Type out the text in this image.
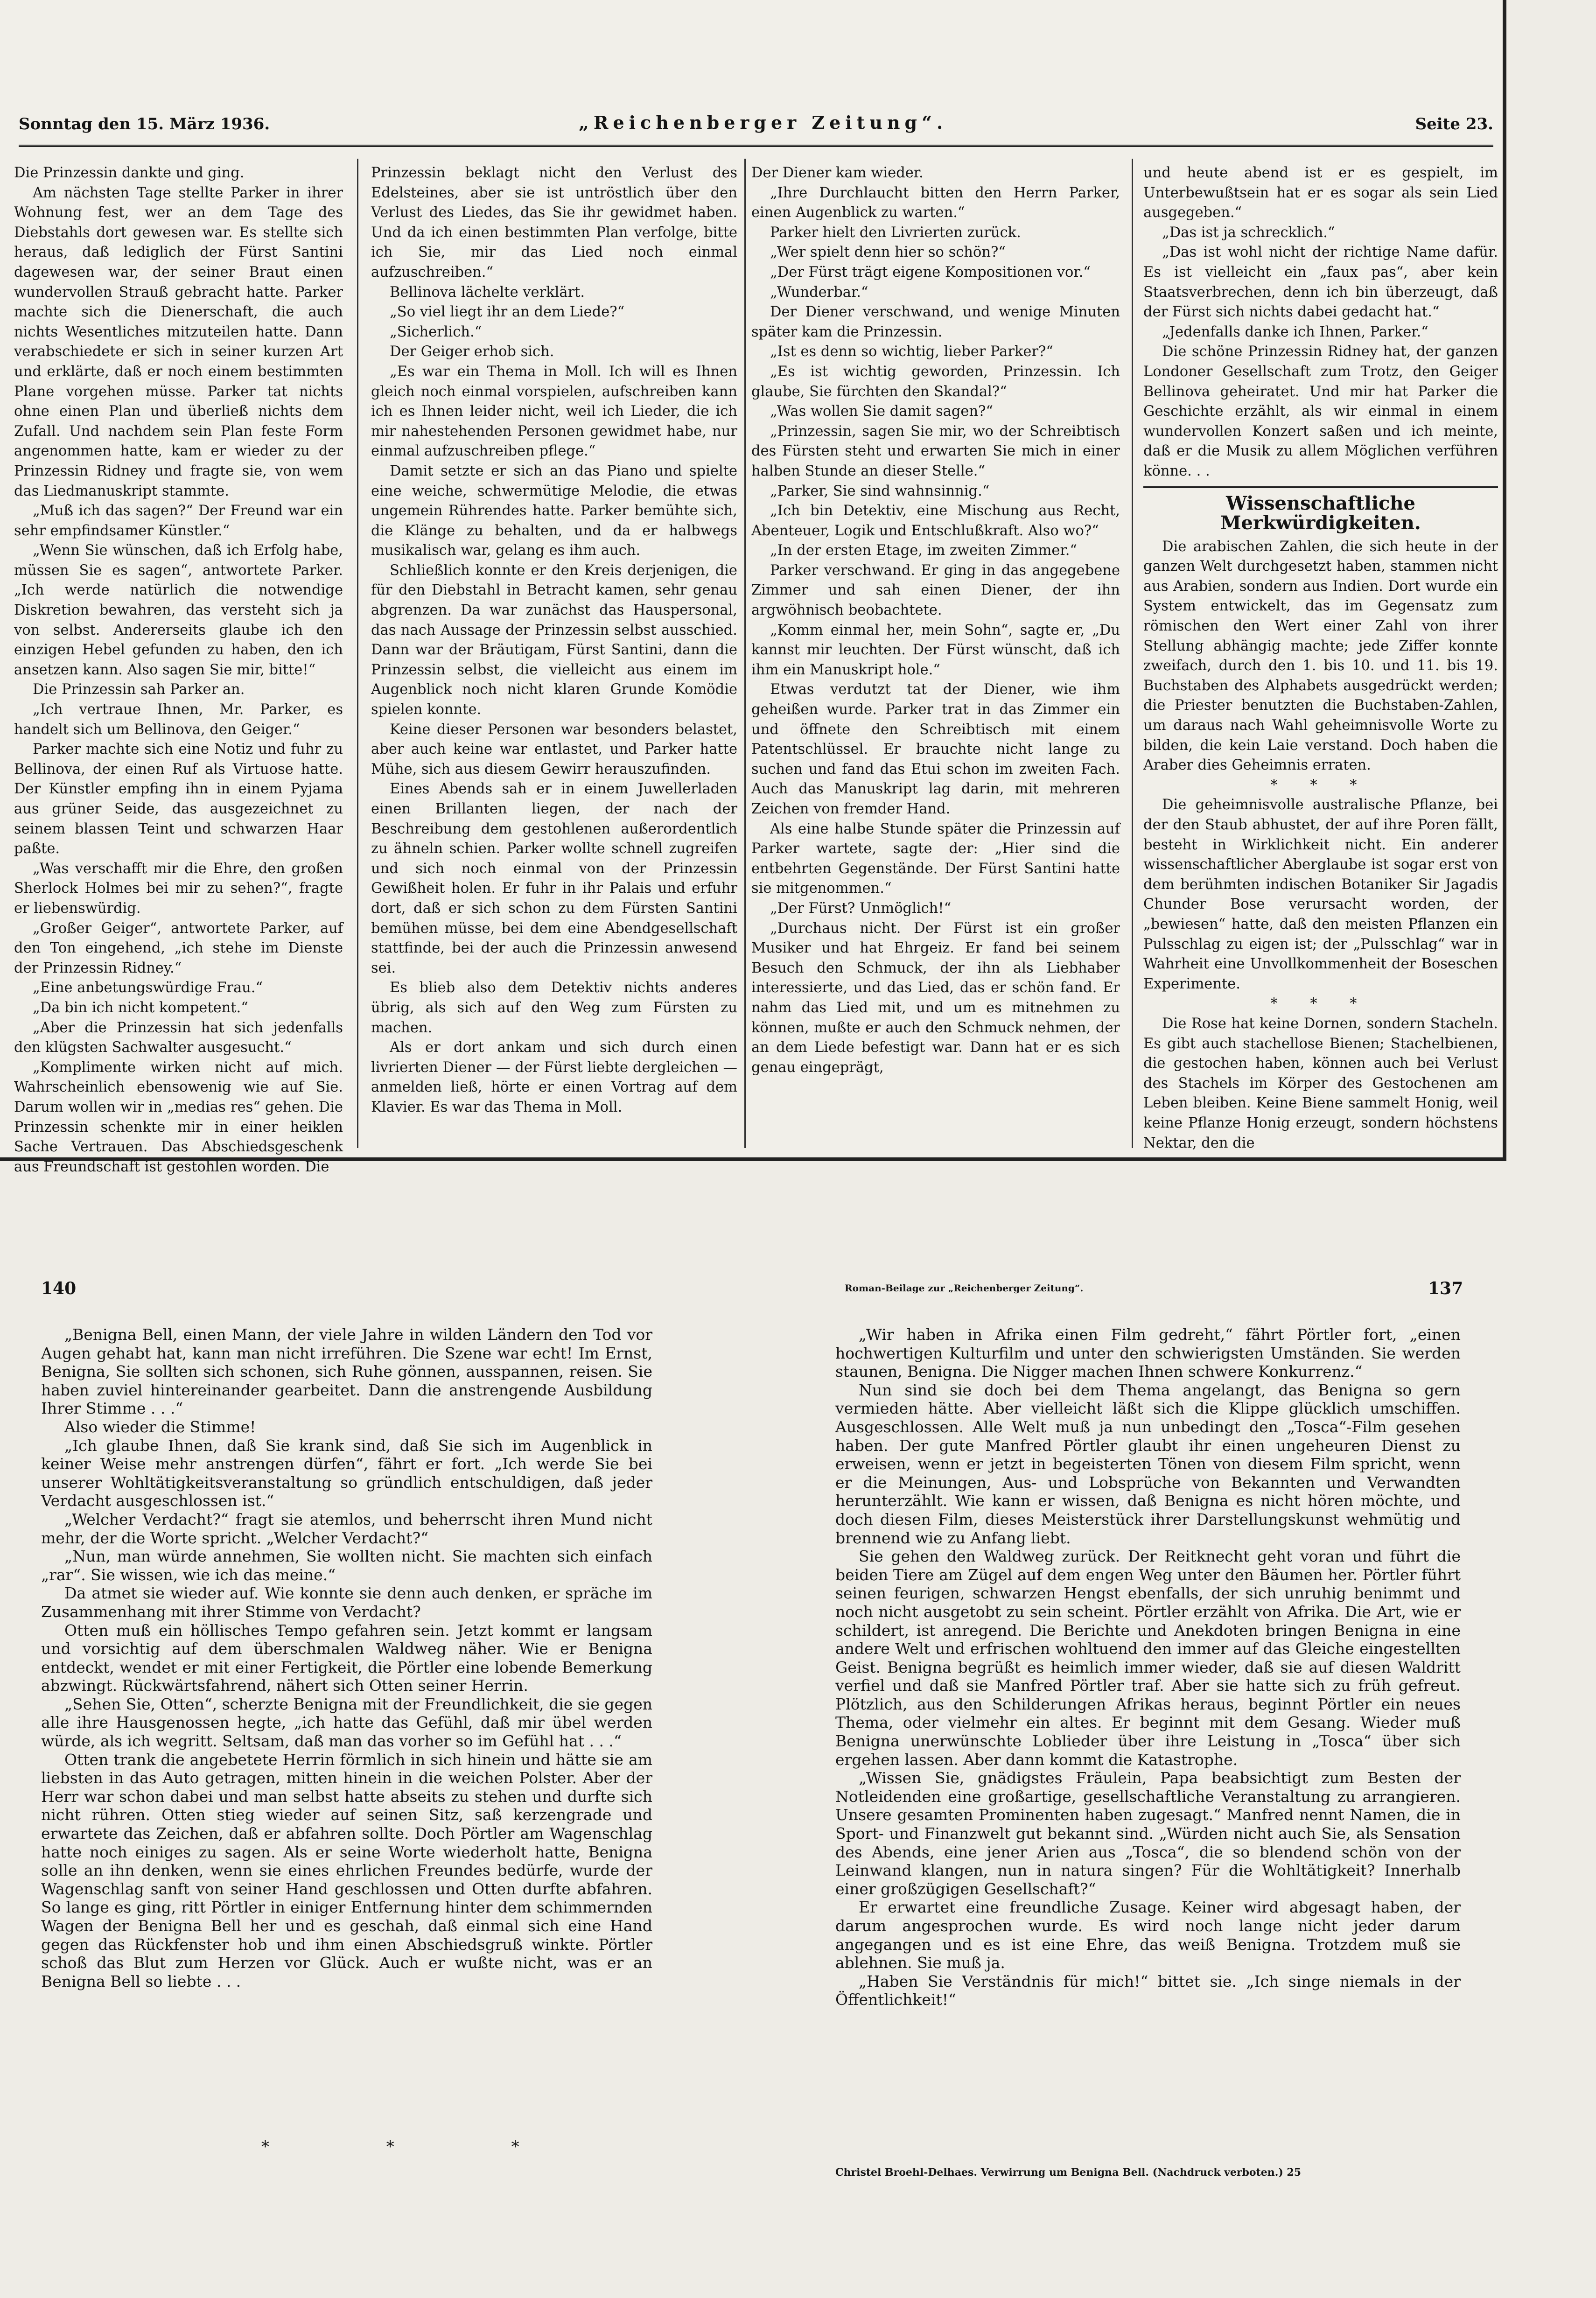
Sonntag den 15. März 1936.	„Reichenberger Zeitung“.	Seite 23.

Die Prinzessin dankte und ging.

Am nächsten Tage stellte Parker in ihrer Wohnung fest, wer an dem Tage des Diebstahls dort gewesen war. Es stellte sich heraus, daß lediglich der Fürst Santini dagewesen war, der seiner Braut einen wundervollen Strauß gebracht hatte. Parker machte sich die Dienerschaft, die auch nichts Wesentliches mitzuteilen hatte. Dann verabschiedete er sich in seiner kurzen Art und erklärte, daß er noch einem bestimmten Plane vorgehen müsse. Parker tat nichts ohne einen Plan und überließ nichts dem Zufall. Und nachdem sein Plan feste Form angenommen hatte, kam er wieder zu der Prinzessin Ridney und fragte sie, von wem das Liedmanuskript stammte.

„Muß ich das sagen?“ Der Freund war ein sehr empfindsamer Künstler.“

„Wenn Sie wünschen, daß ich Erfolg habe, müssen Sie es sagen“, antwortete Parker. „Ich werde natürlich die notwendige Diskretion bewahren, das versteht sich ja von selbst. Andererseits glaube ich den einzigen Hebel gefunden zu haben, den ich ansetzen kann. Also sagen Sie mir, bitte!“

Die Prinzessin sah Parker an.

„Ich vertraue Ihnen, Mr. Parker, es handelt sich um Bellinova, den Geiger.“

Parker machte sich eine Notiz und fuhr zu Bellinova, der einen Ruf als Virtuose hatte. Der Künstler empfing ihn in einem Pyjama aus grüner Seide, das ausgezeichnet zu seinem blassen Teint und schwarzen Haar paßte.

„Was verschafft mir die Ehre, den großen Sherlock Holmes bei mir zu sehen?“, fragte er liebenswürdig.

„Großer Geiger“, antwortete Parker, auf den Ton eingehend, „ich stehe im Dienste der Prinzessin Ridney.“

„Eine anbetungswürdige Frau.“

„Da bin ich nicht kompetent.“

„Aber die Prinzessin hat sich jedenfalls den klügsten Sachwalter ausgesucht.“

„Komplimente wirken nicht auf mich. Wahrscheinlich ebensowenig wie auf Sie. Darum wollen wir in „medias res“ gehen. Die Prinzessin schenkte mir in einer heiklen Sache Vertrauen. Das Abschiedsgeschenk aus Freundschaft ist gestohlen worden. Die

Prinzessin beklagt nicht den Verlust des Edelsteines, aber sie ist untröstlich über den Verlust des Liedes, das Sie ihr gewidmet haben. Und da ich einen bestimmten Plan verfolge, bitte ich Sie, mir das Lied noch einmal aufzuschreiben.“

Bellinova lächelte verklärt.

„So viel liegt ihr an dem Liede?“

„Sicherlich.“

Der Geiger erhob sich.

„Es war ein Thema in Moll. Ich will es Ihnen gleich noch einmal vorspielen, aufschreiben kann ich es Ihnen leider nicht, weil ich Lieder, die ich mir nahestehenden Personen gewidmet habe, nur einmal aufzuschreiben pflege.“

Damit setzte er sich an das Piano und spielte eine weiche, schwermütige Melodie, die etwas ungemein Rührendes hatte. Parker bemühte sich, die Klänge zu behalten, und da er halbwegs musikalisch war, gelang es ihm auch.

Schließlich konnte er den Kreis derjenigen, die für den Diebstahl in Betracht kamen, sehr genau abgrenzen. Da war zunächst das Hauspersonal, das nach Aussage der Prinzessin selbst ausschied. Dann war der Bräutigam, Fürst Santini, dann die Prinzessin selbst, die vielleicht aus einem im Augenblick noch nicht klaren Grunde Komödie spielen konnte.

Keine dieser Personen war besonders belastet, aber auch keine war entlastet, und Parker hatte Mühe, sich aus diesem Gewirr herauszufinden.

Eines Abends sah er in einem Juwellerladen einen Brillanten liegen, der nach der Beschreibung dem gestohlenen außerordentlich zu ähneln schien. Parker wollte schnell zugreifen und sich noch einmal von der Prinzessin Gewißheit holen. Er fuhr in ihr Palais und erfuhr dort, daß er sich schon zu dem Fürsten Santini bemühen müsse, bei dem eine Abendgesellschaft stattfinde, bei der auch die Prinzessin anwesend sei.

Es blieb also dem Detektiv nichts anderes übrig, als sich auf den Weg zum Fürsten zu machen.

Als er dort ankam und sich durch einen livrierten Diener — der Fürst liebte dergleichen — anmelden ließ, hörte er einen Vortrag auf dem Klavier. Es war das Thema in Moll.

Der Diener kam wieder.

„Ihre Durchlaucht bitten den Herrn Parker, einen Augenblick zu warten.“

Parker hielt den Livrierten zurück.

„Wer spielt denn hier so schön?“

„Der Fürst trägt eigene Kompositionen vor.“

„Wunderbar.“

Der Diener verschwand, und wenige Minuten später kam die Prinzessin.

„Ist es denn so wichtig, lieber Parker?“

„Es ist wichtig geworden, Prinzessin. Ich glaube, Sie fürchten den Skandal?“

„Was wollen Sie damit sagen?“

„Prinzessin, sagen Sie mir, wo der Schreibtisch des Fürsten steht und erwarten Sie mich in einer halben Stunde an dieser Stelle.“

„Parker, Sie sind wahnsinnig.“

„Ich bin Detektiv, eine Mischung aus Recht, Abenteuer, Logik und Entschlußkraft. Also wo?“

„In der ersten Etage, im zweiten Zimmer.“

Parker verschwand. Er ging in das angegebene Zimmer und sah einen Diener, der ihn argwöhnisch beobachtete.

„Komm einmal her, mein Sohn“, sagte er, „Du kannst mir leuchten. Der Fürst wünscht, daß ich ihm ein Manuskript hole.“

Etwas verdutzt tat der Diener, wie ihm geheißen wurde. Parker trat in das Zimmer ein und öffnete den Schreibtisch mit einem Patentschlüssel. Er brauchte nicht lange zu suchen und fand das Etui schon im zweiten Fach. Auch das Manuskript lag darin, mit mehreren Zeichen von fremder Hand.

Als eine halbe Stunde später die Prinzessin auf Parker wartete, sagte der: „Hier sind die entbehrten Gegenstände. Der Fürst Santini hatte sie mitgenommen.“

„Der Fürst? Unmöglich!“

„Durchaus nicht. Der Fürst ist ein großer Musiker und hat Ehrgeiz. Er fand bei seinem Besuch den Schmuck, der ihn als Liebhaber interessierte, und das Lied, das er schön fand. Er nahm das Lied mit, und um es mitnehmen zu können, mußte er auch den Schmuck nehmen, der an dem Liede befestigt war. Dann hat er es sich genau eingeprägt,

und heute abend ist er es gespielt, im Unterbewußtsein hat er es sogar als sein Lied ausgegeben.“

„Das ist ja schrecklich.“

„Das ist wohl nicht der richtige Name dafür. Es ist vielleicht ein „faux pas“, aber kein Staatsverbrechen, denn ich bin überzeugt, daß der Fürst sich nichts dabei gedacht hat.“

„Jedenfalls danke ich Ihnen, Parker.“

Die schöne Prinzessin Ridney hat, der ganzen Londoner Gesellschaft zum Trotz, den Geiger Bellinova geheiratet. Und mir hat Parker die Geschichte erzählt, als wir einmal in einem wundervollen Konzert saßen und ich meinte, daß er die Musik zu allem Möglichen verführen könne. . .

Wissenschaftliche Merkwürdigkeiten.

Die arabischen Zahlen, die sich heute in der ganzen Welt durchgesetzt haben, stammen nicht aus Arabien, sondern aus Indien. Dort wurde ein System entwickelt, das im Gegensatz zum römischen den Wert einer Zahl von ihrer Stellung abhängig machte; jede Ziffer konnte zweifach, durch den 1. bis 10. und 11. bis 19. Buchstaben des Alphabets ausgedrückt werden; die Priester benutzten die Buchstaben-Zahlen, um daraus nach Wahl geheimnisvolle Worte zu bilden, die kein Laie verstand. Doch haben die Araber dies Geheimnis erraten.

* * *

Die geheimnisvolle australische Pflanze, bei der den Staub abhustet, der auf ihre Poren fällt, besteht in Wirklichkeit nicht. Ein anderer wissenschaftlicher Aberglaube ist sogar erst von dem berühmten indischen Botaniker Sir Jagadis Chunder Bose verursacht worden, der „bewiesen“ hatte, daß den meisten Pflanzen ein Pulsschlag zu eigen ist; der „Pulsschlag“ war in Wahrheit eine Unvollkommenheit der Boseschen Experimente.

* * *

Die Rose hat keine Dornen, sondern Stacheln. Es gibt auch stachellose Bienen; Stachelbienen, die gestochen haben, können auch bei Verlust des Stachels im Körper des Gestochenen am Leben bleiben. Keine Biene sammelt Honig, weil keine Pflanze Honig erzeugt, sondern höchstens Nektar, den die

140	Roman-Beilage zur „Reichenberger Zeitung“.	137

„Benigna Bell, einen Mann, der viele Jahre in wilden Ländern den Tod vor Augen gehabt hat, kann man nicht irreführen. Die Szene war echt! Im Ernst, Benigna, Sie sollten sich schonen, sich Ruhe gönnen, ausspannen, reisen. Sie haben zuviel hintereinander gearbeitet. Dann die anstrengende Ausbildung Ihrer Stimme . . .“

Also wieder die Stimme!

„Ich glaube Ihnen, daß Sie krank sind, daß Sie sich im Augenblick in keiner Weise mehr anstrengen dürfen“, fährt er fort. „Ich werde Sie bei unserer Wohltätigkeitsveranstaltung so gründlich entschuldigen, daß jeder Verdacht ausgeschlossen ist.“

„Welcher Verdacht?“ fragt sie atemlos, und beherrscht ihren Mund nicht mehr, der die Worte spricht. „Welcher Verdacht?“

„Nun, man würde annehmen, Sie wollten nicht. Sie machten sich einfach „rar“. Sie wissen, wie ich das meine.“

Da atmet sie wieder auf. Wie konnte sie denn auch denken, er spräche im Zusammenhang mit ihrer Stimme von Verdacht?

Otten muß ein höllisches Tempo gefahren sein. Jetzt kommt er langsam und vorsichtig auf dem überschmalen Waldweg näher. Wie er Benigna entdeckt, wendet er mit einer Fertigkeit, die Pörtler eine lobende Bemerkung abzwingt. Rückwärtsfahrend, nähert sich Otten seiner Herrin.

„Sehen Sie, Otten“, scherzte Benigna mit der Freundlichkeit, die sie gegen alle ihre Hausgenossen hegte, „ich hatte das Gefühl, daß mir übel werden würde, als ich wegritt. Seltsam, daß man das vorher so im Gefühl hat . . .“

Otten trank die angebetete Herrin förmlich in sich hinein und hätte sie am liebsten in das Auto getragen, mitten hinein in die weichen Polster. Aber der Herr war schon dabei und man selbst hatte abseits zu stehen und durfte sich nicht rühren. Otten stieg wieder auf seinen Sitz, saß kerzengrade und erwartete das Zeichen, daß er abfahren sollte. Doch Pörtler am Wagenschlag hatte noch einiges zu sagen. Als er seine Worte wiederholt hatte, Benigna solle an ihn denken, wenn sie eines ehrlichen Freundes bedürfe, wurde der Wagenschlag sanft von seiner Hand geschlossen und Otten durfte abfahren. So lange es ging, ritt Pörtler in einiger Entfernung hinter dem schimmernden Wagen der Benigna Bell her und es geschah, daß einmal sich eine Hand gegen das Rückfenster hob und ihm einen Abschiedsgruß winkte. Pörtler schoß das Blut zum Herzen vor Glück. Auch er wußte nicht, was er an Benigna Bell so liebte . . .

* * *

„Wir haben in Afrika einen Film gedreht,“ fährt Pörtler fort, „einen hochwertigen Kulturfilm und unter den schwierigsten Umständen. Sie werden staunen, Benigna. Die Nigger machen Ihnen schwere Konkurrenz.“

Nun sind sie doch bei dem Thema angelangt, das Benigna so gern vermieden hätte. Aber vielleicht läßt sich die Klippe glücklich umschiffen. Ausgeschlossen. Alle Welt muß ja nun unbedingt den „Tosca“-Film gesehen haben. Der gute Manfred Pörtler glaubt ihr einen ungeheuren Dienst zu erweisen, wenn er jetzt in begeisterten Tönen von diesem Film spricht, wenn er die Meinungen, Aus- und Lobsprüche von Bekannten und Verwandten herunterzählt. Wie kann er wissen, daß Benigna es nicht hören möchte, und doch diesen Film, dieses Meisterstück ihrer Darstellungskunst wehmütig und brennend wie zu Anfang liebt.

Sie gehen den Waldweg zurück. Der Reitknecht geht voran und führt die beiden Tiere am Zügel auf dem engen Weg unter den Bäumen her. Pörtler führt seinen feurigen, schwarzen Hengst ebenfalls, der sich unruhig benimmt und noch nicht ausgetobt zu sein scheint. Pörtler erzählt von Afrika. Die Art, wie er schildert, ist anregend. Die Berichte und Anekdoten bringen Benigna in eine andere Welt und erfrischen wohltuend den immer auf das Gleiche eingestellten Geist. Benigna begrüßt es heimlich immer wieder, daß sie auf diesen Waldritt verfiel und daß sie Manfred Pörtler traf. Aber sie hatte sich zu früh gefreut. Plötzlich, aus den Schilderungen Afrikas heraus, beginnt Pörtler ein neues Thema, oder vielmehr ein altes. Er beginnt mit dem Gesang. Wieder muß Benigna unerwünschte Loblieder über ihre Leistung in „Tosca“ über sich ergehen lassen. Aber dann kommt die Katastrophe.

„Wissen Sie, gnädigstes Fräulein, Papa beabsichtigt zum Besten der Notleidenden eine großartige, gesellschaftliche Veranstaltung zu arrangieren. Unsere gesamten Prominenten haben zugesagt.“ Manfred nennt Namen, die in Sport- und Finanzwelt gut bekannt sind. „Würden nicht auch Sie, als Sensation des Abends, eine jener Arien aus „Tosca“, die so blendend schön von der Leinwand klangen, nun in natura singen? Für die Wohltätigkeit? Innerhalb einer großzügigen Gesellschaft?“

Er erwartet eine freundliche Zusage. Keiner wird abgesagt haben, der darum angesprochen wurde. Es wird noch lange nicht jeder darum angegangen und es ist eine Ehre, das weiß Benigna. Trotzdem muß sie ablehnen. Sie muß ja.

„Haben Sie Verständnis für mich!“ bittet sie. „Ich singe niemals in der Öffentlichkeit!“

Christel Broehl-Delhaes. Verwirrung um Benigna Bell. (Nachdruck verboten.) 25
